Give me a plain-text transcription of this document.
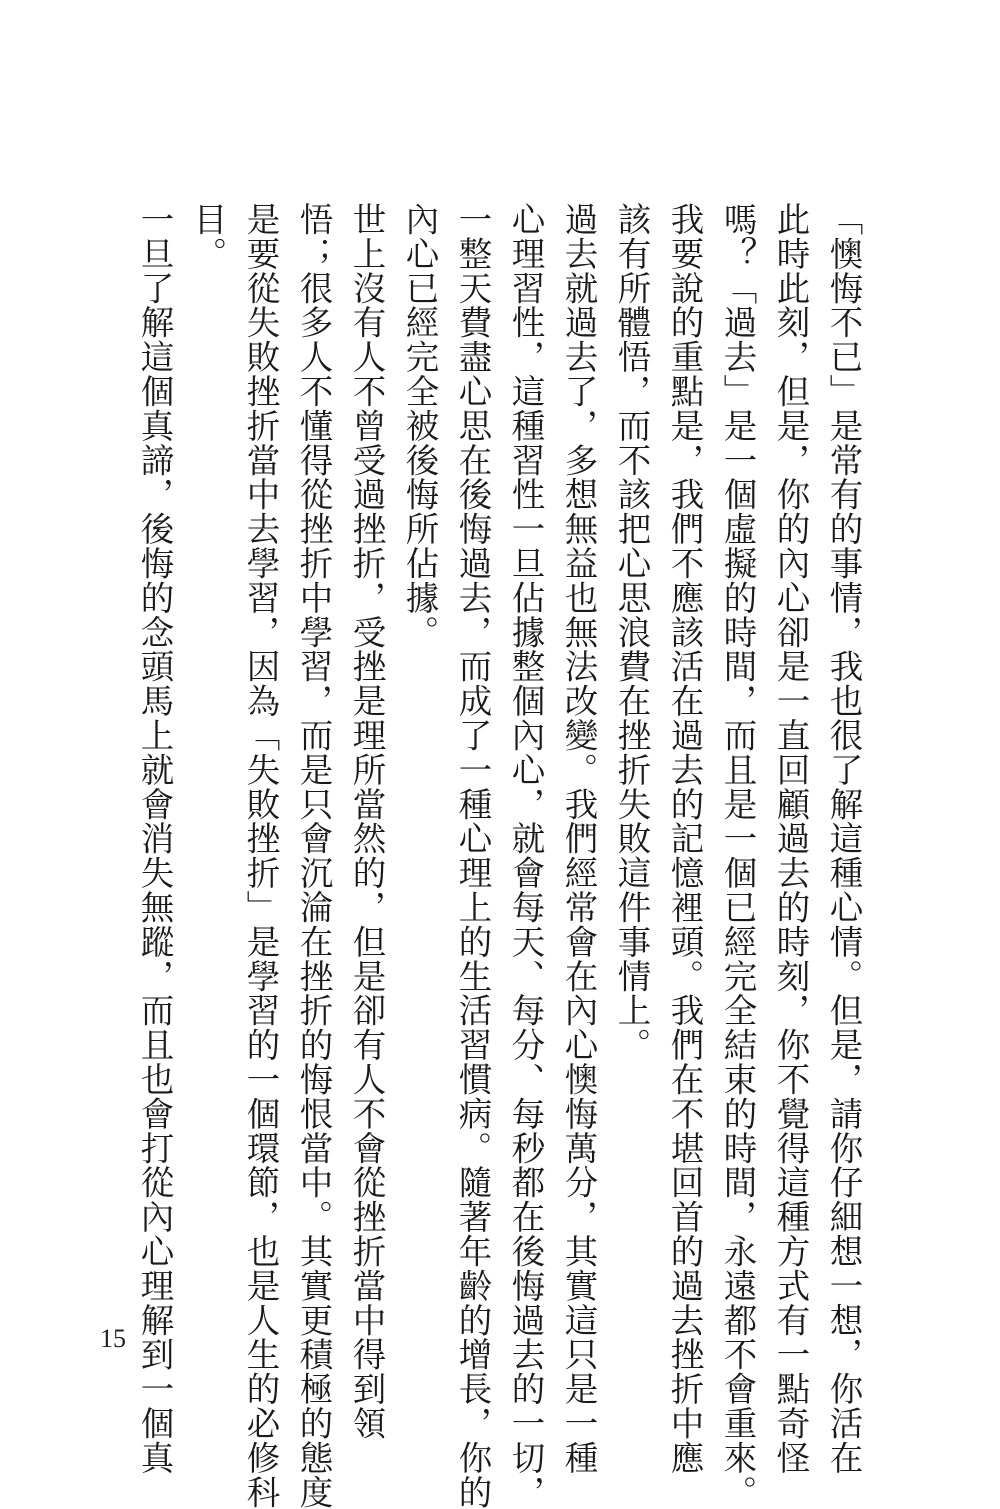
「懊悔不已」是常有的事情，我也很了解這種心情。但是，請你仔細想一想，你活在
此時此刻，但是，你的內心卻是一直回顧過去的時刻，你不覺得這種方式有一點奇怪
嗎？「過去」是一個虛擬的時間，而且是一個已經完全結束的時間，永遠都不會重來。
我要說的重點是，我們不應該活在過去的記憶裡頭。我們在不堪回首的過去挫折中應
該有所體悟，而不該把心思浪費在挫折失敗這件事情上。
過去就過去了，多想無益也無法改變。我們經常會在內心懊悔萬分，其實這只是一種
心理習性，這種習性一旦佔據整個內心，就會每天、每分、每秒都在後悔過去的一切，
一整天費盡心思在後悔過去，而成了一種心理上的生活習慣病。隨著年齡的增長，你的
內心已經完全被後悔所佔據。
世上沒有人不曾受過挫折，受挫是理所當然的，但是卻有人不會從挫折當中得到領
悟；很多人不懂得從挫折中學習，而是只會沉淪在挫折的悔恨當中。其實更積極的態度
是要從失敗挫折當中去學習，因為「失敗挫折」是學習的一個環節，也是人生的必修科
目。
一旦了解這個真諦，後悔的念頭馬上就會消失無蹤，而且也會打從內心理解到一個真
15
